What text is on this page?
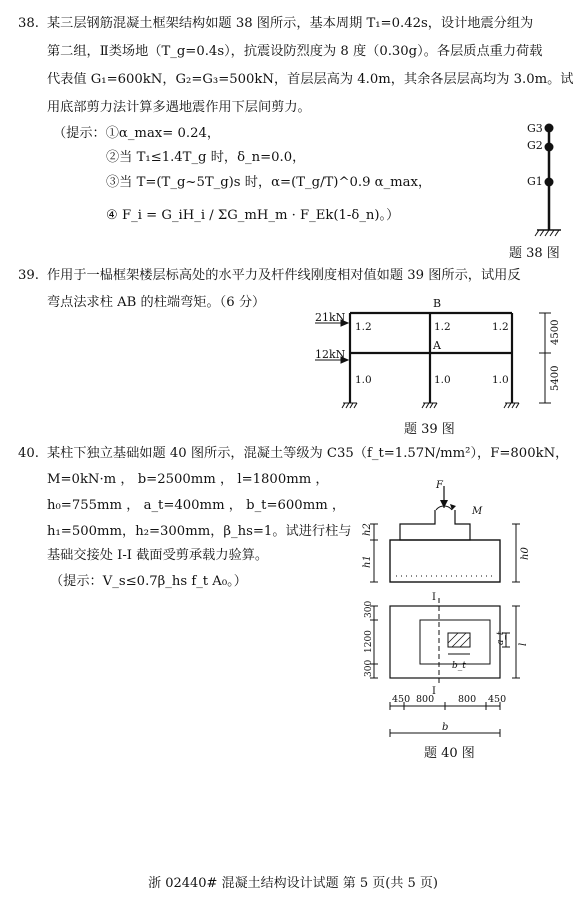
38. 某三层钢筋混凝土框架结构如题 38 图所示，基本周期 T₁=0.42s，设计地震分组为
第二组，Ⅱ类场地（T_g=0.4s），抗震设防烈度为 8 度（0.30g）。各层质点重力荷载
代表值 G₁=600kN，G₂=G₃=500kN，首层层高为 4.0m，其余各层层高均为 3.0m。试
用底部剪力法计算多遇地震作用下层间剪力。
（提示：①α_max= 0.24，
②当 T₁≤1.4T_g 时，δ_n=0.0，
③当 T=(T_g~5T_g)s 时，α=(T_g/T)^0.9 α_max，
④ F_i = G_iH_i / ΣG_mH_m · F_Ek(1-δ_n)。）
G3
G2
G1
题 38 图
39. 作用于一榀框架楼层标高处的水平力及杆件线刚度相对值如题 39 图所示，试用反
弯点法求柱 AB 的柱端弯矩。（6 分）
21kN
12kN
B
A
1.2	1.2	1.2
1.0	1.0	1.0
4500
5400
题 39 图
40. 某柱下独立基础如题 40 图所示，混凝土等级为 C35（f_t=1.57N/mm²），F=800kN，
M=0kN·m ， b=2500mm ， l=1800mm ，
h₀=755mm ， a_t=400mm ， b_t=600mm ，
h₁=500mm，h₂=300mm，β_hs=1。试进行柱与
基础交接处 I-I 截面受剪承载力验算。
（提示：V_s≤0.7β_hs f_t A₀。）
F
M
h2
h1
h0
I
I
300
1200
300
a_t
b_t
l
450 800	800 450
b
题 40 图
浙 02440# 混凝土结构设计试题 第 5 页(共 5 页)
